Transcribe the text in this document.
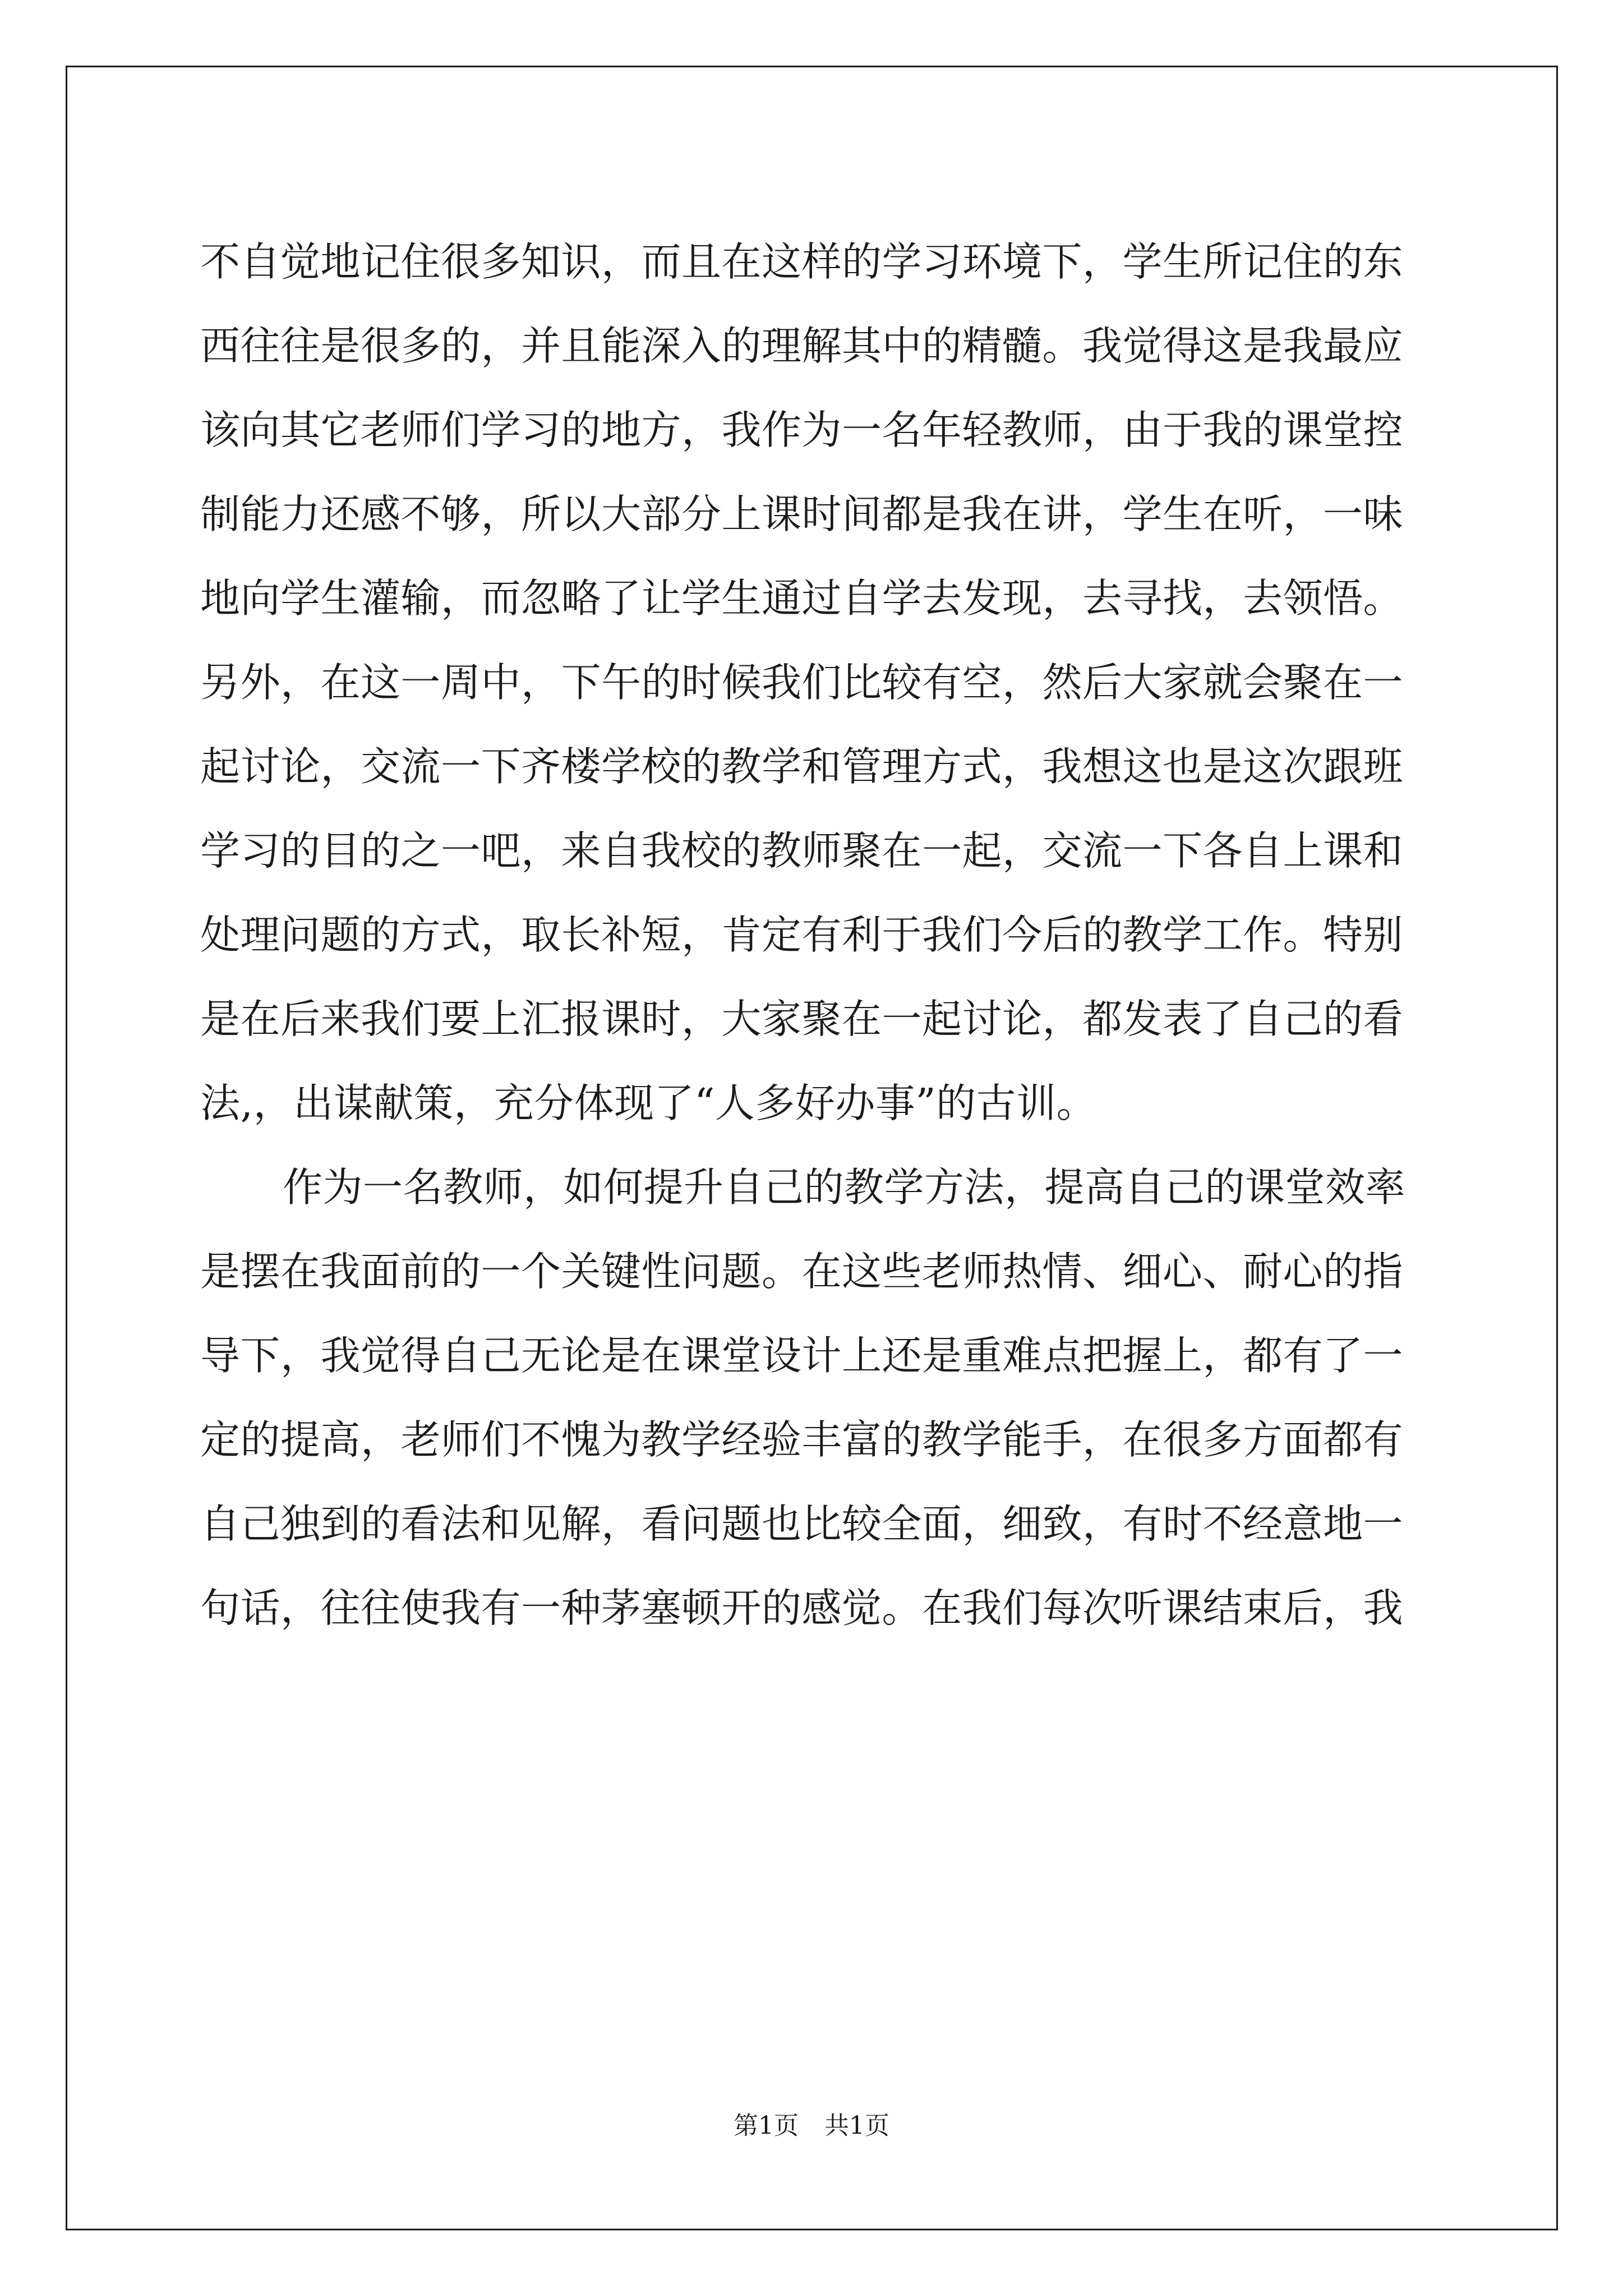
不自觉地记住很多知识，而且在这样的学习环境下，学生所记住的东
西往往是很多的，并且能深入的理解其中的精髓。我觉得这是我最应
该向其它老师们学习的地方，我作为一名年轻教师，由于我的课堂控
制能力还感不够，所以大部分上课时间都是我在讲，学生在听，一味
地向学生灌输，而忽略了让学生通过自学去发现，去寻找，去领悟。
另外，在这一周中，下午的时候我们比较有空，然后大家就会聚在一
起讨论，交流一下齐楼学校的教学和管理方式，我想这也是这次跟班
学习的目的之一吧，来自我校的教师聚在一起，交流一下各自上课和
处理问题的方式，取长补短，肯定有利于我们今后的教学工作。特别
是在后来我们要上汇报课时，大家聚在一起讨论，都发表了自己的看
法,，出谋献策，充分体现了“人多好办事”的古训。
作为一名教师，如何提升自己的教学方法，提高自己的课堂效率
是摆在我面前的一个关键性问题。在这些老师热情、细心、耐心的指
导下，我觉得自己无论是在课堂设计上还是重难点把握上，都有了一
定的提高，老师们不愧为教学经验丰富的教学能手，在很多方面都有
自己独到的看法和见解，看问题也比较全面，细致，有时不经意地一
句话，往往使我有一种茅塞顿开的感觉。在我们每次听课结束后，我
第1页 共1页
